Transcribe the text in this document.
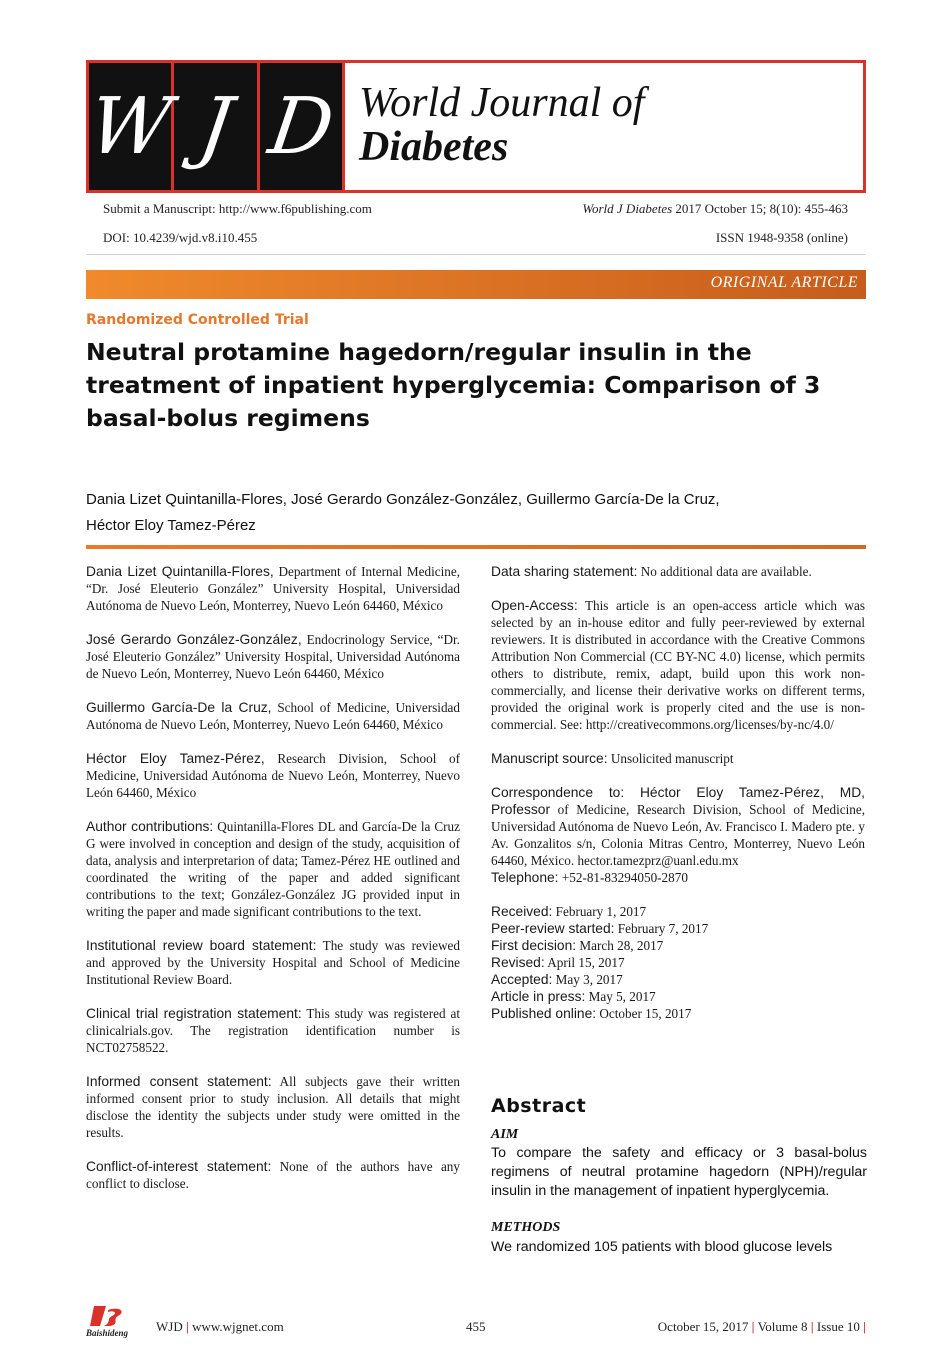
W J D World Journal of
Diabetes
Submit a Manuscript: http://www.f6publishing.com	World J Diabetes 2017 October 15; 8(10): 455-463
DOI: 10.4239/wjd.v8.i10.455	ISSN 1948-9358 (online)
ORIGINAL ARTICLE
Randomized Controlled Trial
Neutral protamine hagedorn/regular insulin in the treatment of inpatient hyperglycemia: Comparison of 3 basal-bolus regimens
Dania Lizet Quintanilla-Flores, José Gerardo González-González, Guillermo García-De la Cruz,
Héctor Eloy Tamez-Pérez
Dania Lizet Quintanilla-Flores, Department of Internal Medicine, “Dr. José Eleuterio González” University Hospital, Universidad Autónoma de Nuevo León, Monterrey, Nuevo León 64460, México
José Gerardo González-González, Endocrinology Service, “Dr. José Eleuterio González” University Hospital, Universidad Autónoma de Nuevo León, Monterrey, Nuevo León 64460, México
Guillermo García-De la Cruz, School of Medicine, Universidad Autónoma de Nuevo León, Monterrey, Nuevo León 64460, México
Héctor Eloy Tamez-Pérez, Research Division, School of Medicine, Universidad Autónoma de Nuevo León, Monterrey, Nuevo León 64460, México
Author contributions: Quintanilla-Flores DL and García-De la Cruz G were involved in conception and design of the study, acquisition of data, analysis and interpretarion of data; Tamez-Pérez HE outlined and coordinated the writing of the paper and added significant contributions to the text; González-González JG provided input in writing the paper and made significant contributions to the text.
Institutional review board statement: The study was reviewed and approved by the University Hospital and School of Medicine Institutional Review Board.
Clinical trial registration statement: This study was registered at clinicalrials.gov. The registration identification number is NCT02758522.
Informed consent statement: All subjects gave their written informed consent prior to study inclusion. All details that might disclose the identity the subjects under study were omitted in the results.
Conflict-of-interest statement: None of the authors have any conflict to disclose.
Data sharing statement: No additional data are available.
Open-Access: This article is an open-access article which was selected by an in-house editor and fully peer-reviewed by external reviewers. It is distributed in accordance with the Creative Commons Attribution Non Commercial (CC BY-NC 4.0) license, which permits others to distribute, remix, adapt, build upon this work non-commercially, and license their derivative works on different terms, provided the original work is properly cited and the use is non-commercial. See: http://creativecommons.org/licenses/by-nc/4.0/
Manuscript source: Unsolicited manuscript
Correspondence to: Héctor Eloy Tamez-Pérez, MD, Professor of Medicine, Research Division, School of Medicine, Universidad Autónoma de Nuevo León, Av. Francisco I. Madero pte. y Av. Gonzalitos s/n, Colonia Mitras Centro, Monterrey, Nuevo León 64460, México. hector.tamezprz@uanl.edu.mx
Telephone: +52-81-83294050-2870
Received: February 1, 2017
Peer-review started: February 7, 2017
First decision: March 28, 2017
Revised: April 15, 2017
Accepted: May 3, 2017
Article in press: May 5, 2017
Published online: October 15, 2017
Abstract
AIM
To compare the safety and efficacy or 3 basal-bolus regimens of neutral protamine hagedorn (NPH)/regular insulin in the management of inpatient hyperglycemia.
METHODS
We randomized 105 patients with blood glucose levels
Baishideng WJD | www.wjgnet.com	455	October 15, 2017 | Volume 8 | Issue 10 |
